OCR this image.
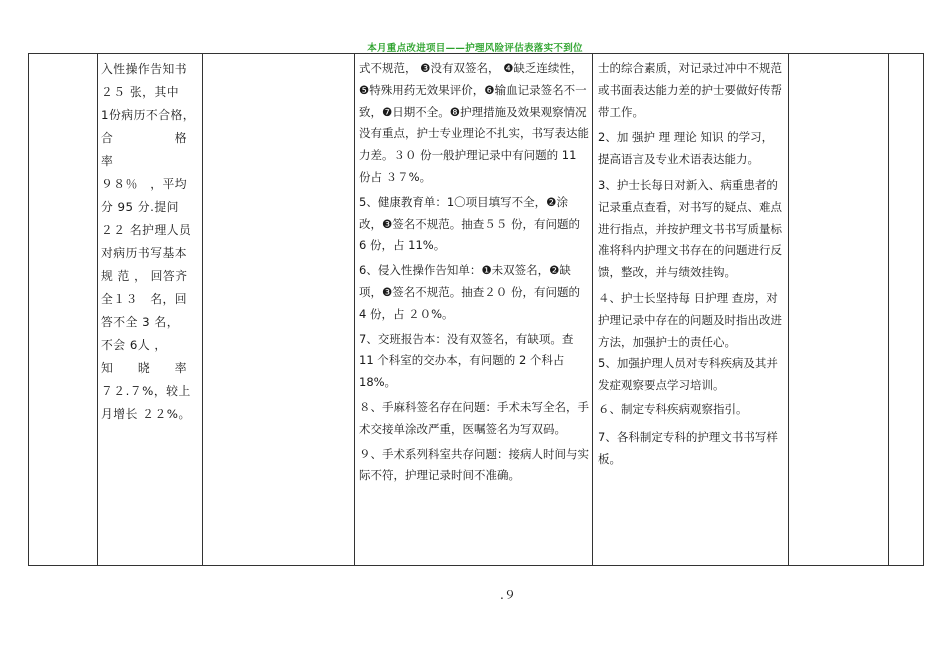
本月重点改进项目——护理风险评估表落实不到位

入性操作告知书

２５ 张，其中

1份病历不合格，

合　　　　　格

率

９８％　，平均

分 95 分.提问

２２ 名护理人员

对病历书写基本

规 范 ， 回答齐

全１３　名，回

答不全 3 名，

不会 6人 ，

知　　晓　　率

７２.７%，较上

月增长 ２２%。

式不规范， ❸没有双签名， ❹缺乏连续性， ❺特殊用药无效果评价，❻输血记录签名不一致，❼日期不全。❽护理措施及效果观察情况没有重点，护士专业理论不扎实，书写表达能力差。３０ 份一般护理记录中有问题的 11 份占 ３７%。

5、健康教育单：1〇项目填写不全，❷涂改，❸签名不规范。抽查５５ 份，有问题的 6 份，占 11%。

6、侵入性操作告知单：❶未双签名，❷缺项，❸签名不规范。抽查２０ 份，有问题的 4 份，占 ２０%。

7、交班报告本：没有双签名，有缺项。查 11 个科室的交办本，有问题的 2 个科占 18%。

８、手麻科签名存在问题：手术未写全名，手术交接单涂改严重，医嘱签名为写双码。

９、手术系列科室共存问题：接病人时间与实际不符，护理记录时间不准确。

士的综合素质，对记录过冲中不规范或书面表达能力差的护士要做好传帮带工作。

2、加 强护 理 理论 知识 的学习，提高语言及专业术语表达能力。

3、护士长每日对新入、病重患者的记录重点查看，对书写的疑点、难点进行指点，并按护理文书书写质量标准将科内护理文书存在的问题进行反馈，整改，并与绩效挂钩。

４、护士长坚持每 日护理 查房，对护理记录中存在的问题及时指出改进方法，加强护士的责任心。

5、加强护理人员对专科疾病及其并发症观察要点学习培训。

６、制定专科疾病观察指引。

7、各科制定专科的护理文书书写样板。

.９
